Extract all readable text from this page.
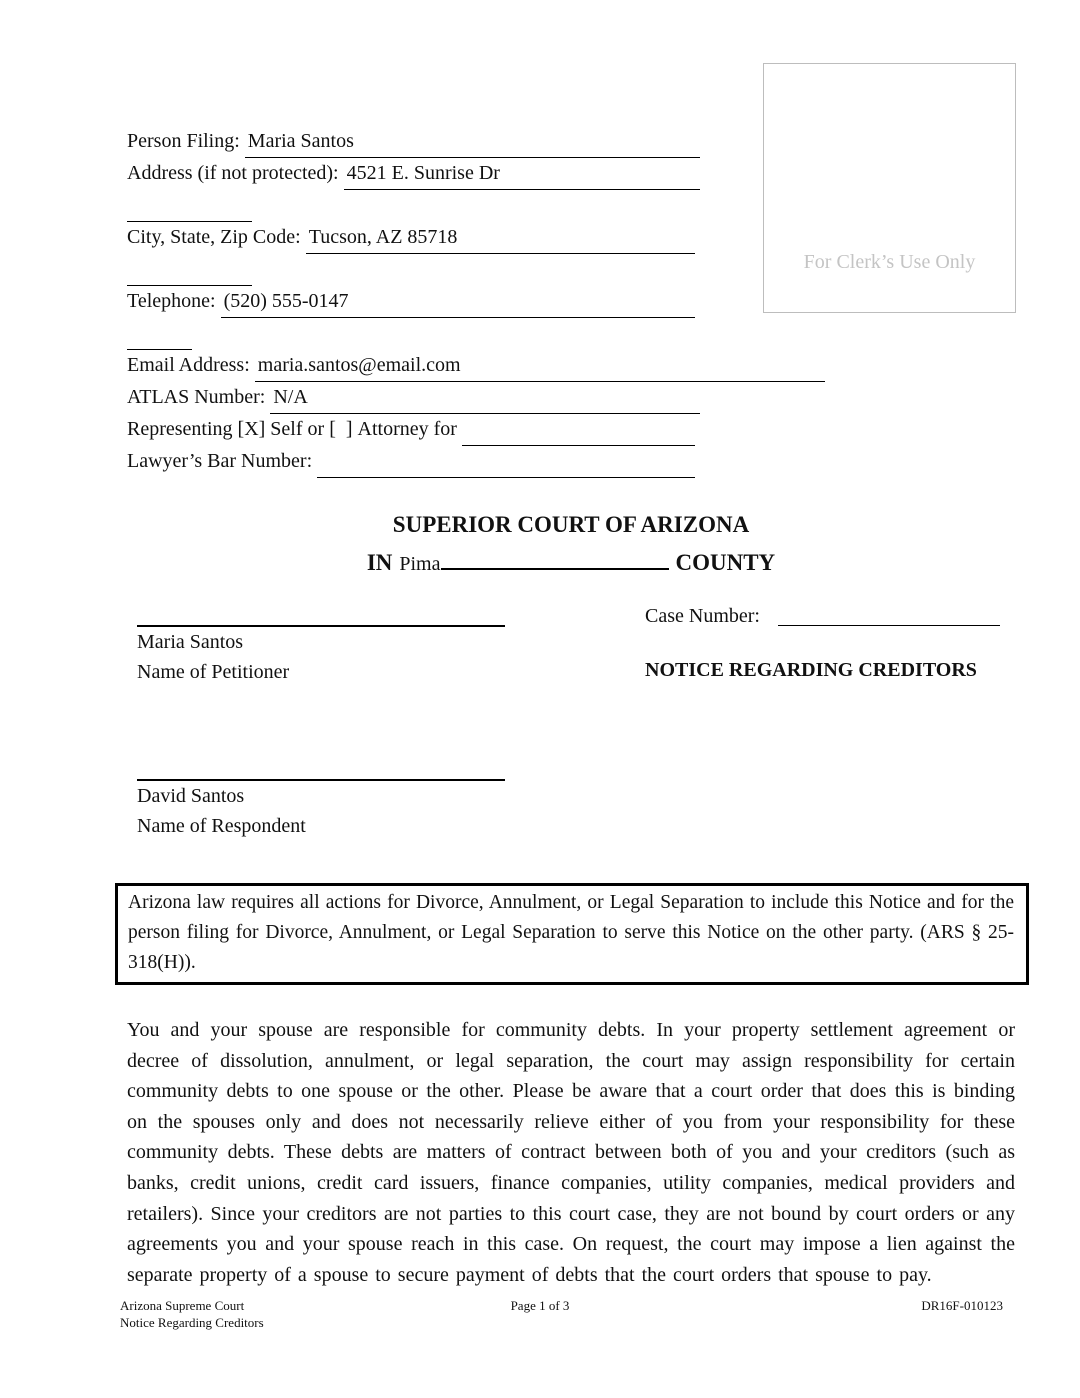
For Clerk’s Use Only
Person Filing: Maria Santos
Address (if not protected): 4521 E. Sunrise Dr
City, State, Zip Code: Tucson, AZ 85718
Telephone: (520) 555-0147
Email Address: maria.santos@email.com
ATLAS Number: N/A
Representing [X] Self or [  ] Attorney for
Lawyer’s Bar Number:
SUPERIOR COURT OF ARIZONA
IN Pima	COUNTY
Maria Santos
Name of Petitioner
Case Number:
NOTICE REGARDING CREDITORS
David Santos
Name of Respondent

Arizona law requires all actions for Divorce, Annulment, or Legal Separation to include this Notice and for the person filing for Divorce, Annulment, or Legal Separation to serve this Notice on the other party. (ARS § 25-318(H)).

You and your spouse are responsible for community debts. In your property settlement agreement or decree of dissolution, annulment, or legal separation, the court may assign responsibility for certain community debts to one spouse or the other. Please be aware that a court order that does this is binding on the spouses only and does not necessarily relieve either of you from your responsibility for these community debts. These debts are matters of contract between both of you and your creditors (such as banks, credit unions, credit card issuers, finance companies, utility companies, medical providers and retailers). Since your creditors are not parties to this court case, they are not bound by court orders or any agreements you and your spouse reach in this case. On request, the court may impose a lien against the separate property of a spouse to secure payment of debts that the court orders that spouse to pay.

Arizona Supreme Court
Notice Regarding Creditors
Page 1 of 3	DR16F-010123
